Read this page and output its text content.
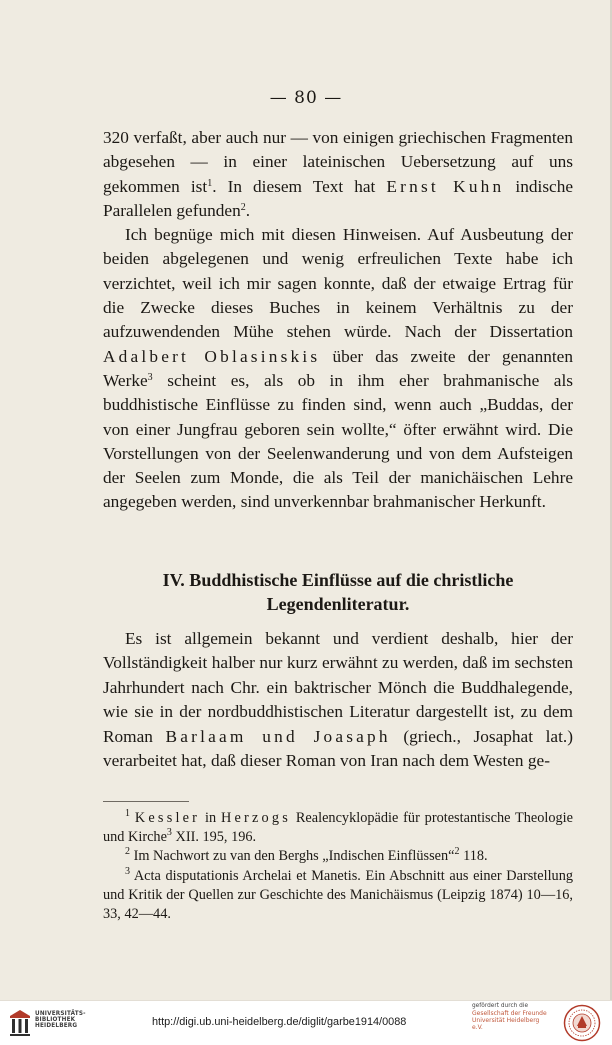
— 80 —

320 verfaßt, aber auch nur — von einigen griechischen Fragmenten abgesehen — in einer lateinischen Uebersetzung auf uns gekommen ist$^1$. In diesem Text hat Ernst Kuhn indische Parallelen gefunden$^2$.

Ich begnüge mich mit diesen Hinweisen. Auf Ausbeutung der beiden abgelegenen und wenig erfreulichen Texte habe ich verzichtet, weil ich mir sagen konnte, daß der etwaige Ertrag für die Zwecke dieses Buches in keinem Verhältnis zu der aufzuwendenden Mühe stehen würde. Nach der Dissertation Adalbert Oblasinskis über das zweite der genannten Werke$^3$ scheint es, als ob in ihm eher brahmanische als buddhistische Einflüsse zu finden sind, wenn auch „Buddas, der von einer Jungfrau geboren sein wollte,“ öfter erwähnt wird. Die Vorstellungen von der Seelenwanderung und von dem Aufsteigen der Seelen zum Monde, die als Teil der manichäischen Lehre angegeben werden, sind unverkennbar brahmanischer Herkunft.

IV. Buddhistische Einflüsse auf die christliche
Legendenliteratur.

Es ist allgemein bekannt und verdient deshalb, hier der Vollständigkeit halber nur kurz erwähnt zu werden, daß im sechsten Jahrhundert nach Chr. ein baktrischer Mönch die Buddhalegende, wie sie in der nordbuddhistischen Literatur dargestellt ist, zu dem Roman Barlaam und Joasaph (griech., Josaphat lat.) verarbeitet hat, daß dieser Roman von Iran nach dem Westen ge-

$^1$ Kessler in Herzogs Realencyklopädie für protestantische Theologie und Kirche$^3$ XII. 195, 196.

$^2$ Im Nachwort zu van den Berghs „Indischen Einflüssen“$^2$ 118.

$^3$ Acta disputationis Archelai et Manetis. Ein Abschnitt aus einer Darstellung und Kritik der Quellen zur Geschichte des Manichäismus (Leipzig 1874) 10—16, 33, 42—44.

UNIVERSITÄTS-
BIBLIOTHEK
HEIDELBERG	http://digi.ub.uni-heidelberg.de/diglit/garbe1914/0088
gefördert durch die
Gesellschaft der Freunde
Universität Heidelberg e.V.
